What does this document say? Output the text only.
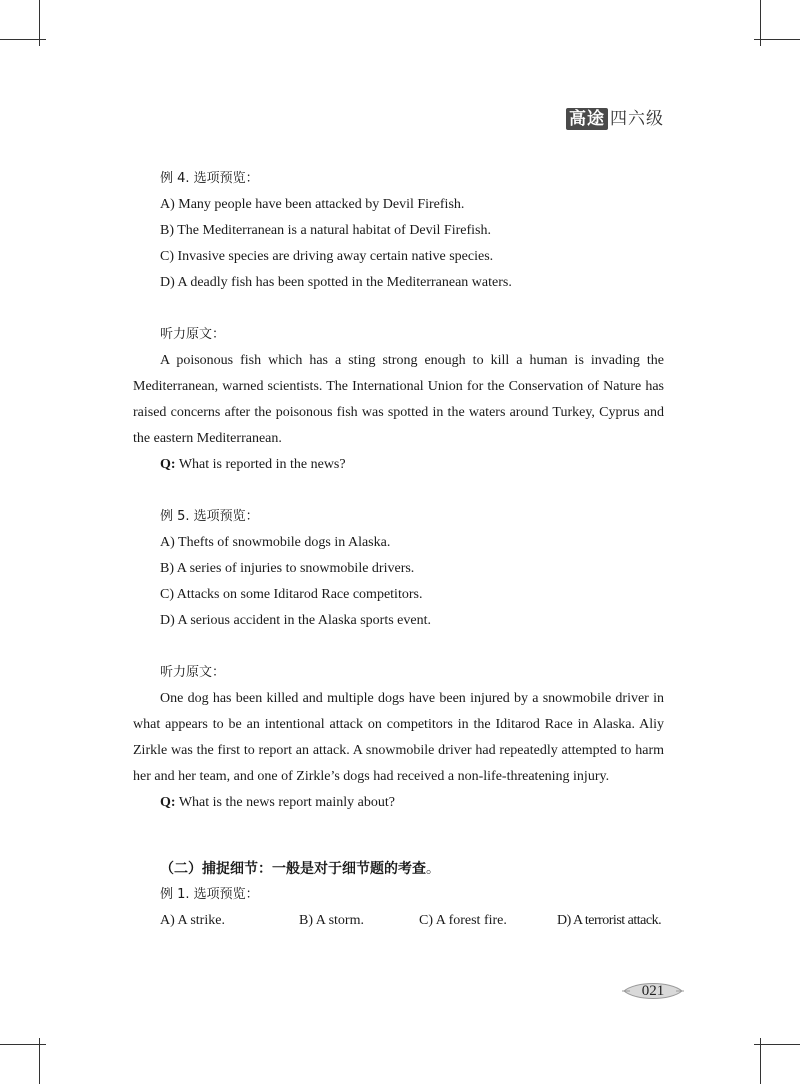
高途 四六级
例 4. 选项预览：
A) Many people have been attacked by Devil Firefish.
B) The Mediterranean is a natural habitat of Devil Firefish.
C) Invasive species are driving away certain native species.
D) A deadly fish has been spotted in the Mediterranean waters.
听力原文：

A poisonous fish which has a sting strong enough to kill a human is invading the Mediterranean, warned scientists. The International Union for the Conservation of Nature has raised concerns after the poisonous fish was spotted in the waters around Turkey, Cyprus and the eastern Mediterranean.

Q: What is reported in the news?
例 5. 选项预览：
A) Thefts of snowmobile dogs in Alaska.
B) A series of injuries to snowmobile drivers.
C) Attacks on some Iditarod Race competitors.
D) A serious accident in the Alaska sports event.
听力原文：

One dog has been killed and multiple dogs have been injured by a snowmobile driver in what appears to be an intentional attack on competitors in the Iditarod Race in Alaska. Aliy Zirkle was the first to report an attack. A snowmobile driver had repeatedly attempted to harm her and her team, and one of Zirkle’s dogs had received a non-life-threatening injury.

Q: What is the news report mainly about?
（二）捕捉细节：一般是对于细节题的考查。
例 1. 选项预览：
A) A strike.	B) A storm.	C) A forest fire.	D) A terrorist attack.
021
